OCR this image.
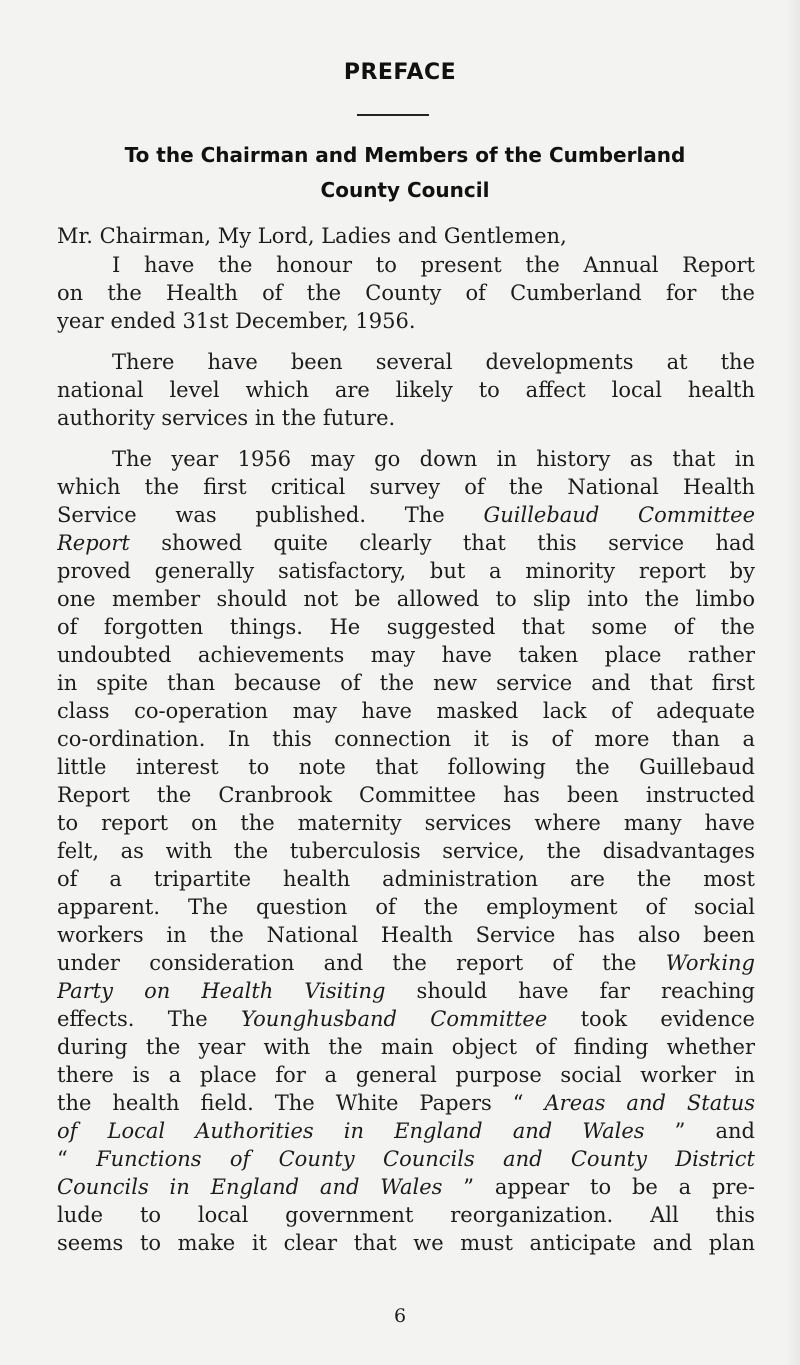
PREFACE
To the Chairman and Members of the Cumberland
County Council
Mr. Chairman, My Lord, Ladies and Gentlemen,
I have the honour to present the Annual Report
on the Health of the County of Cumberland for the
year ended 31st December, 1956.
There have been several developments at the
national level which are likely to affect local health
authority services in the future.
The year 1956 may go down in history as that in
which the first critical survey of the National Health
Service was published. The Guillebaud Committee
Report showed quite clearly that this service had
proved generally satisfactory, but a minority report by
one member should not be allowed to slip into the limbo
of forgotten things. He suggested that some of the
undoubted achievements may have taken place rather
in spite than because of the new service and that first
class co-operation may have masked lack of adequate
co-ordination. In this connection it is of more than a
little interest to note that following the Guillebaud
Report the Cranbrook Committee has been instructed
to report on the maternity services where many have
felt, as with the tuberculosis service, the disadvantages
of a tripartite health administration are the most
apparent. The question of the employment of social
workers in the National Health Service has also been
under consideration and the report of the Working
Party on Health Visiting should have far reaching
effects. The Younghusband Committee took evidence
during the year with the main object of finding whether
there is a place for a general purpose social worker in
the health field. The White Papers “ Areas and Status
of Local Authorities in England and Wales ” and
“ Functions of County Councils and County District
Councils in England and Wales ” appear to be a pre-
lude to local government reorganization. All this
seems to make it clear that we must anticipate and plan
6
